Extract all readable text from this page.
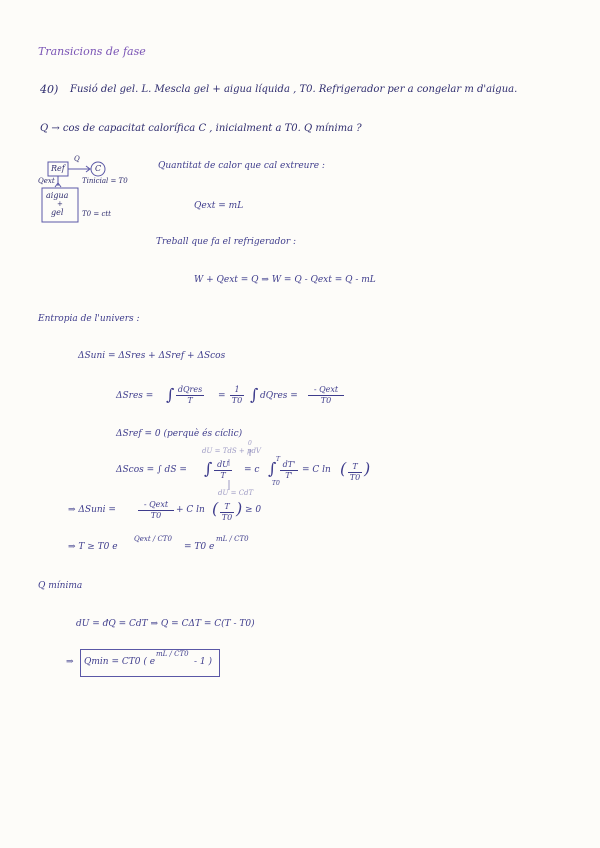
Transicions de fase
40) Fusió del gel. L. Mescla gel + aigua líquida , T0. Refrigerador per a congelar m d'aigua.
Q → cos de capacitat calorífica C , inicialment a T0. Q mínima ?
Ref	C
Q
Qext	Tinicial = T0
aigua
+
gel	T0 = ctt
Quantitat de calor que cal extreure :
Qext = mL
Treball que fa el refrigerador :
W + Qext = Q ⇒ W = Q - Qext = Q - mL
Entropia de l'univers :
ΔSuni = ΔSres + ΔSref + ΔScos
ΔSres = ∫ dQres
T	=
1
T0 ∫ dQres =
- Qext
T0
ΔSref = 0 (perquè és cíclic)
dU = TdS + pdV
0
ΔScos = ∫ dS = ∫ dU
T
= c ∫ T
T0
dT'
T'
= C ln ( T
T0 )
dU = CdT
⇒ ΔSuni =
- Qext
T0
+ C ln ( T
T0 ) ≥ 0
⇒ T ≥ T0 e
Qext / CT0
= T0 e
mL / CT0
Q mínima
dU = đQ = CdT ⇒ Q = CΔT = C(T - T0)
⇒ Qmin = CT0 ( e
mL / CT0
- 1 )
